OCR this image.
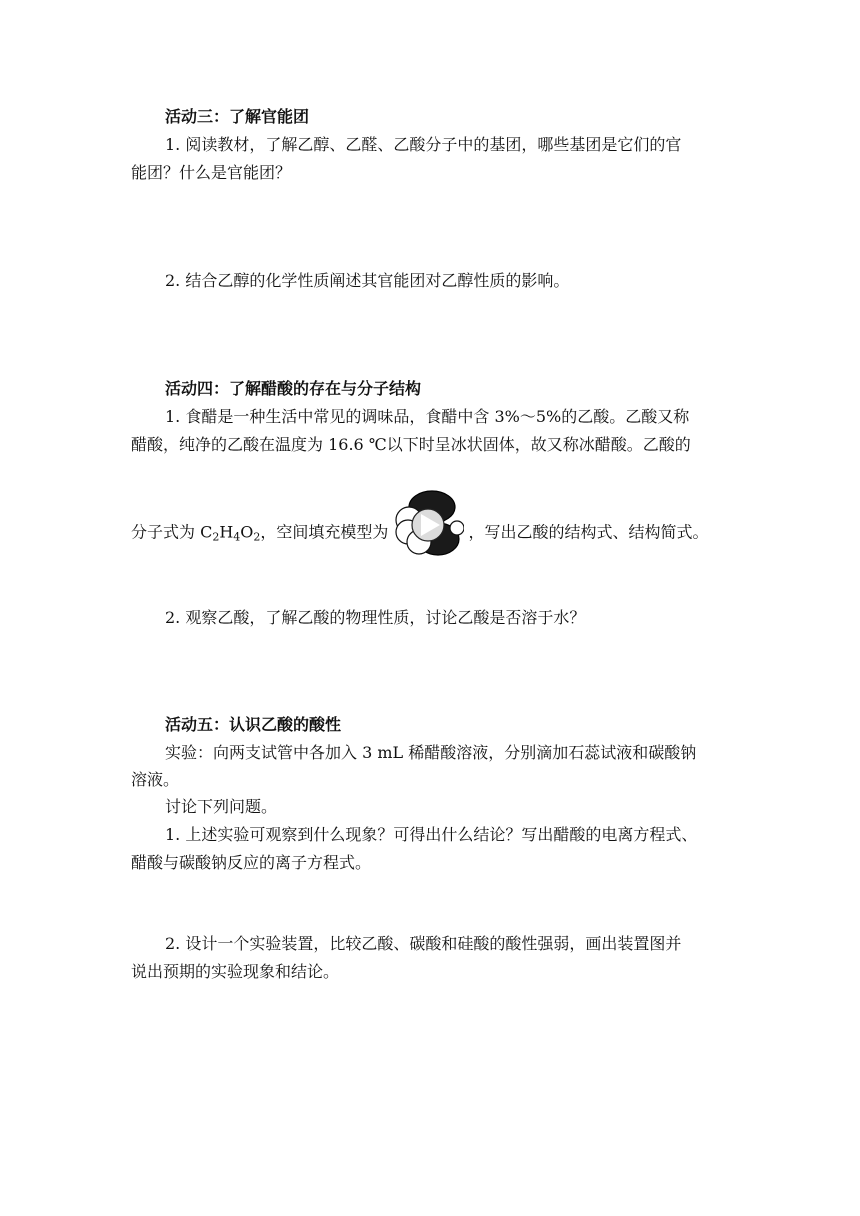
活动三：了解官能团
1. 阅读教材，了解乙醇、乙醛、乙酸分子中的基团，哪些基团是它们的官
能团？什么是官能团？
2. 结合乙醇的化学性质阐述其官能团对乙醇性质的影响。
活动四：了解醋酸的存在与分子结构
1. 食醋是一种生活中常见的调味品，食醋中含 3%～5%的乙酸。乙酸又称
醋酸，纯净的乙酸在温度为 16.6 ℃以下时呈冰状固体，故又称冰醋酸。乙酸的
分子式为 $C_2H_4O_2$，空间填充模型为	，写出乙酸的结构式、结构简式。
2. 观察乙酸，了解乙酸的物理性质，讨论乙酸是否溶于水？
活动五：认识乙酸的酸性
实验：向两支试管中各加入 3 mL 稀醋酸溶液，分别滴加石蕊试液和碳酸钠
溶液。
讨论下列问题。
1. 上述实验可观察到什么现象？可得出什么结论？写出醋酸的电离方程式、
醋酸与碳酸钠反应的离子方程式。
2. 设计一个实验装置，比较乙酸、碳酸和硅酸的酸性强弱，画出装置图并
说出预期的实验现象和结论。
